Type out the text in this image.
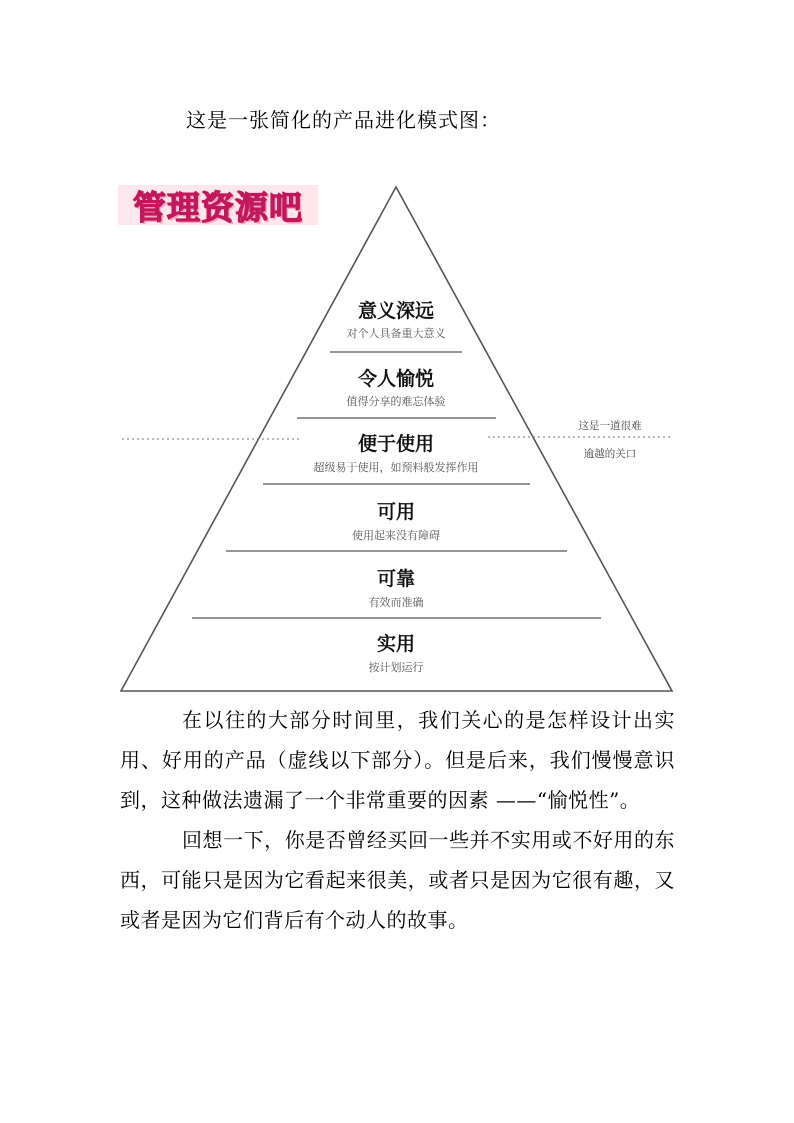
这是一张简化的产品进化模式图：

管理资源吧
意义深远
对个人具备重大意义
令人愉悦
值得分享的难忘体验
便于使用
超级易于使用，如预料般发挥作用
可用
使用起来没有障碍
可靠
有效而准确
实用
按计划运行
这是一道很难
逾越的关口

在以往的大部分时间里，我们关心的是怎样设计出实用、好用的产品（虚线以下部分）。但是后来，我们慢慢意识到，这种做法遗漏了一个非常重要的因素 ——“愉悦性”。

回想一下，你是否曾经买回一些并不实用或不好用的东西，可能只是因为它看起来很美，或者只是因为它很有趣，又或者是因为它们背后有个动人的故事。
